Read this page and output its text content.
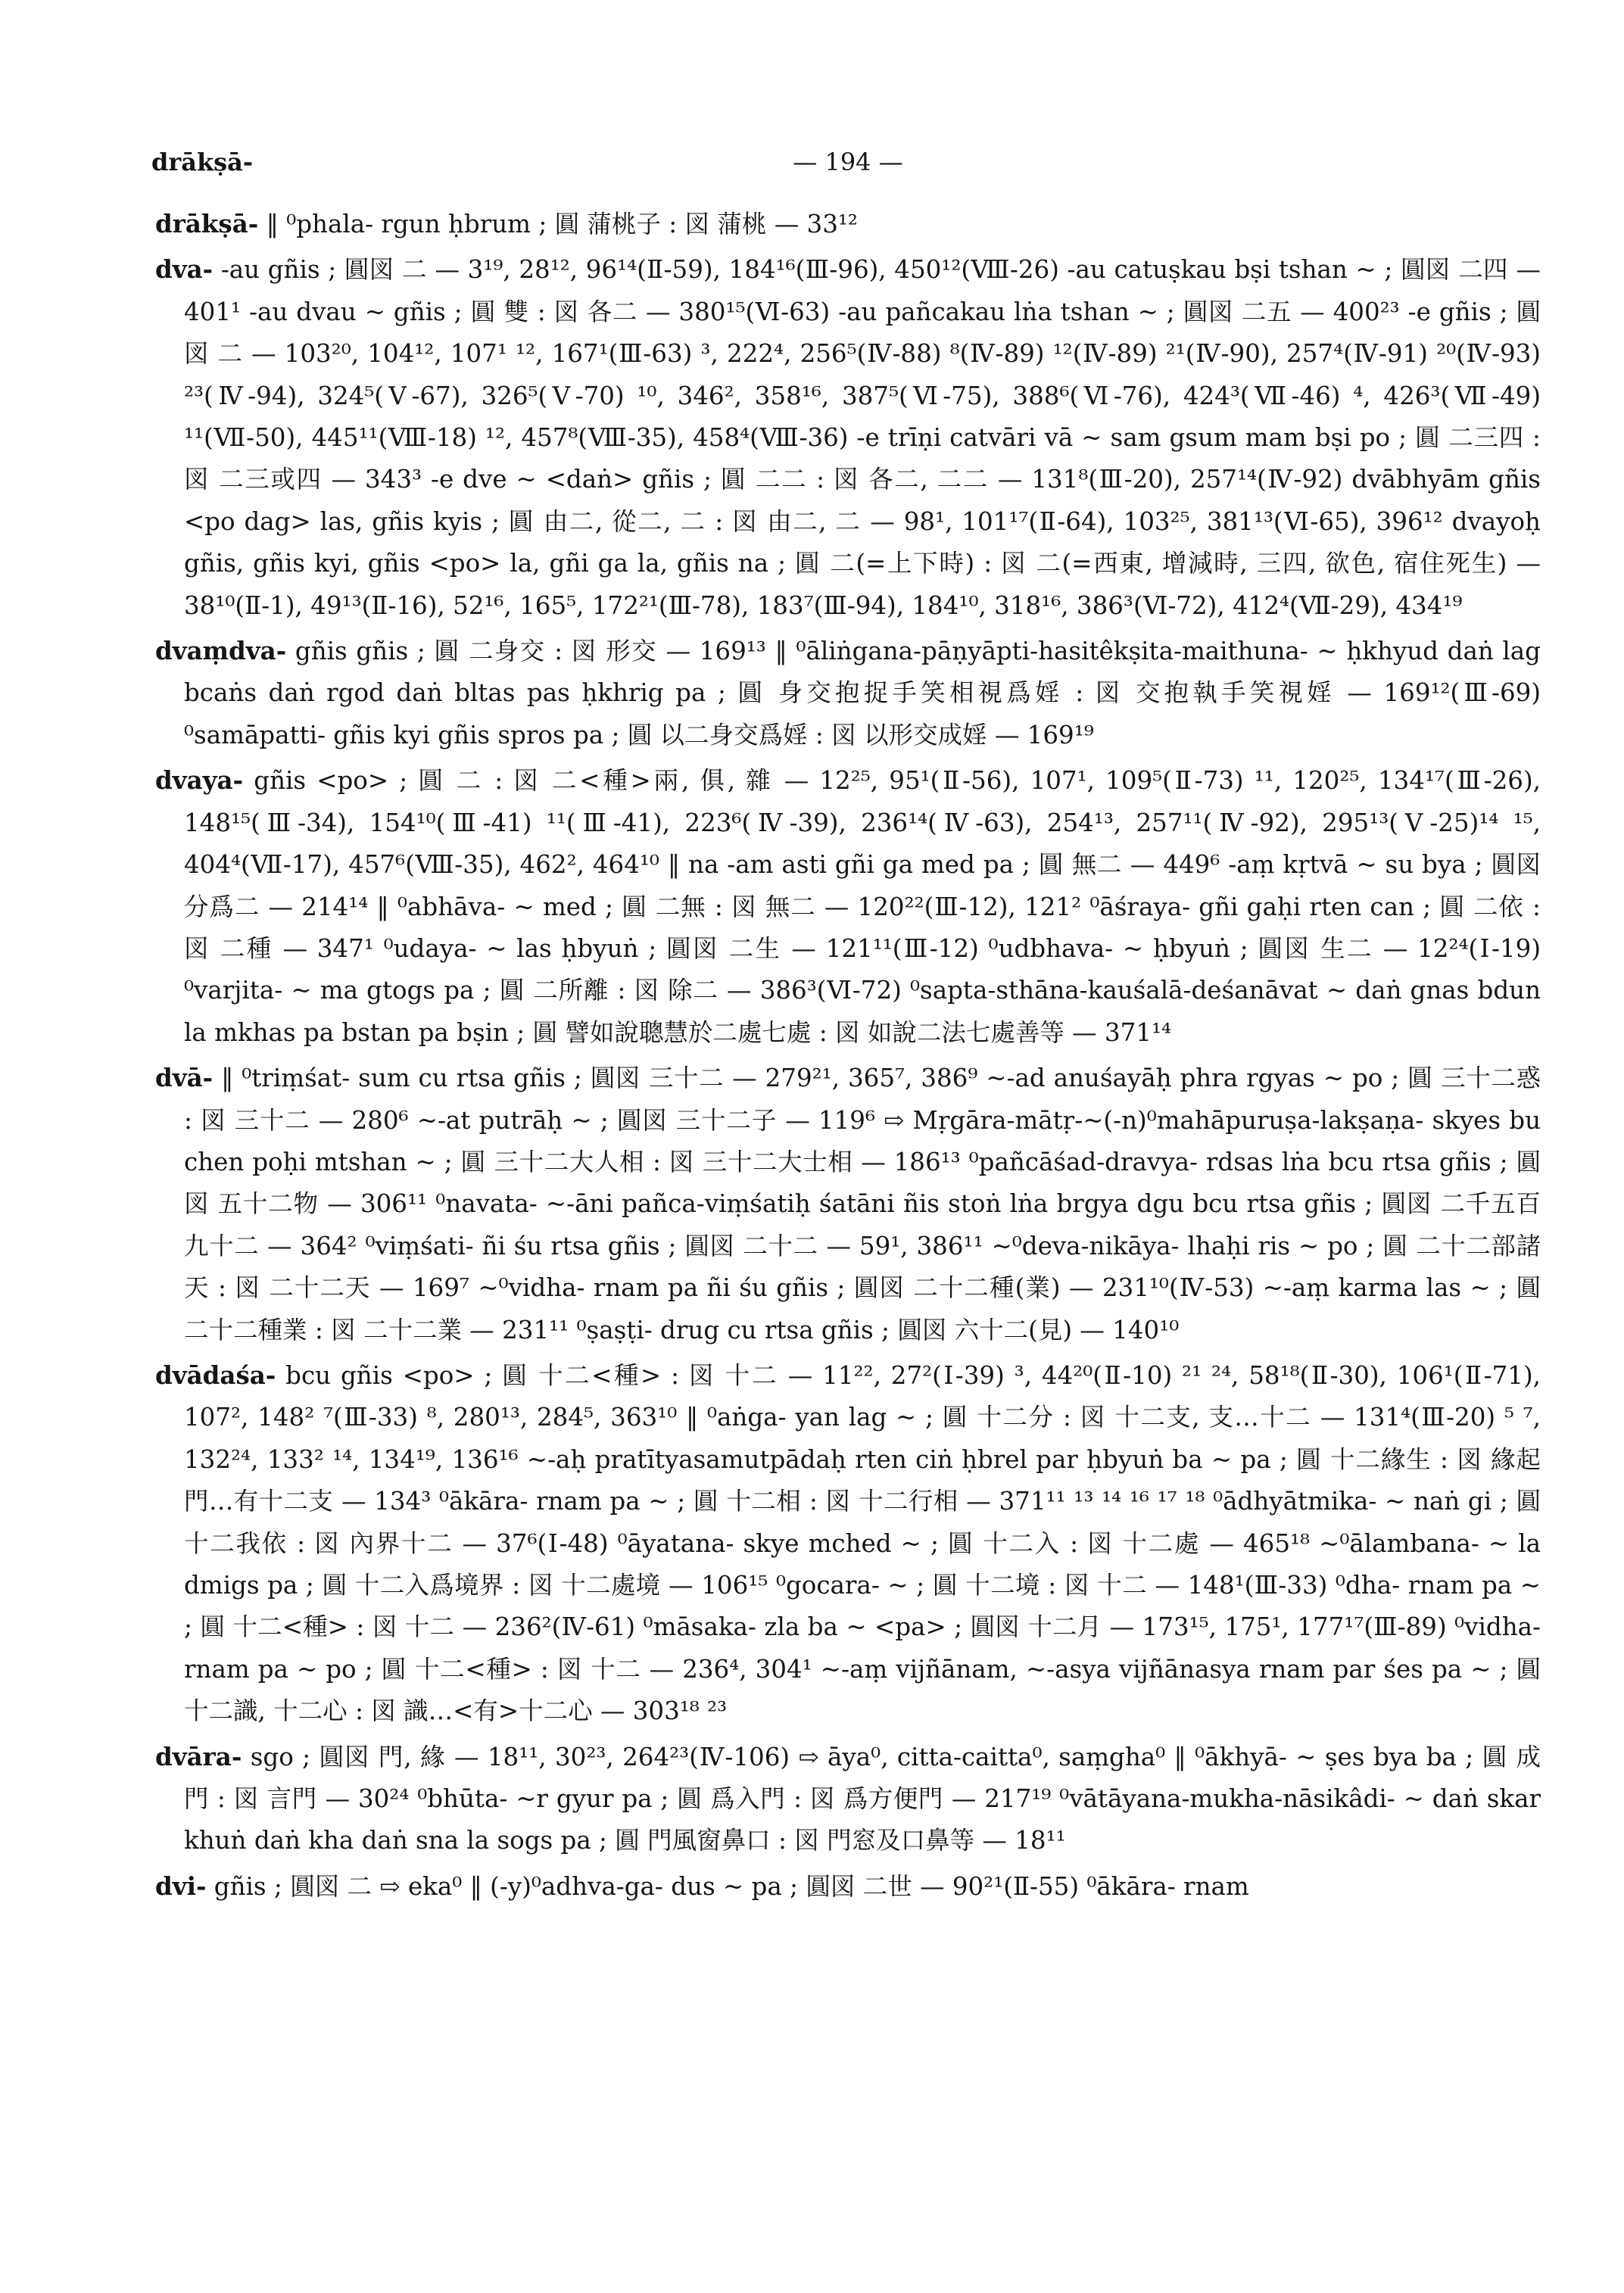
drākṣā-	— 194 —

drākṣā- ‖ ⁰phala- rgun ḥbrum ; 圓 蒲桃子 : 図 蒲桃 — 33¹²

dva- -au gñis ; 圓図 二 — 3¹⁹, 28¹², 96¹⁴(Ⅱ-59), 184¹⁶(Ⅲ-96), 450¹²(Ⅷ-26) -au catuṣkau bṣi tshan ~ ; 圓図 二四 — 401¹ -au dvau ~ gñis ; 圓 雙 : 図 各二 — 380¹⁵(Ⅵ-63) -au pañcakau lṅa tshan ~ ; 圓図 二五 — 400²³ -e gñis ; 圓図 二 — 103²⁰, 104¹², 107¹ ¹², 167¹(Ⅲ-63) ³, 222⁴, 256⁵(Ⅳ-88) ⁸(Ⅳ-89) ¹²(Ⅳ-89) ²¹(Ⅳ-90), 257⁴(Ⅳ-91) ²⁰(Ⅳ-93) ²³(Ⅳ-94), 324⁵(Ⅴ-67), 326⁵(Ⅴ-70) ¹⁰, 346², 358¹⁶, 387⁵(Ⅵ-75), 388⁶(Ⅵ-76), 424³(Ⅶ-46) ⁴, 426³(Ⅶ-49) ¹¹(Ⅶ-50), 445¹¹(Ⅷ-18) ¹², 457⁸(Ⅷ-35), 458⁴(Ⅷ-36) -e trīṇi catvāri vā ~ sam gsum mam bṣi po ; 圓 二三四 : 図 二三或四 — 343³ -e dve ~ <daṅ> gñis ; 圓 二二 : 図 各二, 二二 — 131⁸(Ⅲ-20), 257¹⁴(Ⅳ-92) dvābhyām gñis <po dag> las, gñis kyis ; 圓 由二, 從二, 二 : 図 由二, 二 — 98¹, 101¹⁷(Ⅱ-64), 103²⁵, 381¹³(Ⅵ-65), 396¹² dvayoḥ gñis, gñis kyi, gñis <po> la, gñi ga la, gñis na ; 圓 二(=上下時) : 図 二(=西東, 增減時, 三四, 欲色, 宿住死生) — 38¹⁰(Ⅱ-1), 49¹³(Ⅱ-16), 52¹⁶, 165⁵, 172²¹(Ⅲ-78), 183⁷(Ⅲ-94), 184¹⁰, 318¹⁶, 386³(Ⅵ-72), 412⁴(Ⅶ-29), 434¹⁹

dvaṃdva- gñis gñis ; 圓 二身交 : 図 形交 — 169¹³ ‖ ⁰āliṅgana-pāṇyāpti-hasitêkṣita-maithuna- ~ ḥkhyud daṅ lag bcaṅs daṅ rgod daṅ bltas pas ḥkhrig pa ; 圓 身交抱捉手笑相視爲婬 : 図 交抱執手笑視婬 — 169¹²(Ⅲ-69) ⁰samāpatti- gñis kyi gñis spros pa ; 圓 以二身交爲婬 : 図 以形交成婬 — 169¹⁹

dvaya- gñis <po> ; 圓 二 : 図 二<種>兩, 俱, 雜 — 12²⁵, 95¹(Ⅱ-56), 107¹, 109⁵(Ⅱ-73) ¹¹, 120²⁵, 134¹⁷(Ⅲ-26), 148¹⁵(Ⅲ-34), 154¹⁰(Ⅲ-41) ¹¹(Ⅲ-41), 223⁶(Ⅳ-39), 236¹⁴(Ⅳ-63), 254¹³, 257¹¹(Ⅳ-92), 295¹³(Ⅴ-25)¹⁴ ¹⁵, 404⁴(Ⅶ-17), 457⁶(Ⅷ-35), 462², 464¹⁰ ‖ na -am asti gñi ga med pa ; 圓 無二 — 449⁶ -aṃ kṛtvā ~ su bya ; 圓図 分爲二 — 214¹⁴ ‖ ⁰abhāva- ~ med ; 圓 二無 : 図 無二 — 120²²(Ⅲ-12), 121² ⁰āśraya- gñi gaḥi rten can ; 圓 二依 : 図 二種 — 347¹ ⁰udaya- ~ las ḥbyuṅ ; 圓図 二生 — 121¹¹(Ⅲ-12) ⁰udbhava- ~ ḥbyuṅ ; 圓図 生二 — 12²⁴(Ⅰ-19) ⁰varjita- ~ ma gtogs pa ; 圓 二所離 : 図 除二 — 386³(Ⅵ-72) ⁰sapta-sthāna-kauśalā-deśanāvat ~ daṅ gnas bdun la mkhas pa bstan pa bṣin ; 圓 譬如說聰慧於二處七處 : 図 如說二法七處善等 — 371¹⁴

dvā- ‖ ⁰triṃśat- sum cu rtsa gñis ; 圓図 三十二 — 279²¹, 365⁷, 386⁹ ~-ad anuśayāḥ phra rgyas ~ po ; 圓 三十二惑 : 図 三十二 — 280⁶ ~-at putrāḥ ~ ; 圓図 三十二子 — 119⁶ ⇨ Mṛgāra-mātṛ-~(-n)⁰mahāpuruṣa-lakṣaṇa- skyes bu chen poḥi mtshan ~ ; 圓 三十二大人相 : 図 三十二大士相 — 186¹³ ⁰pañcāśad-dravya- rdsas lṅa bcu rtsa gñis ; 圓図 五十二物 — 306¹¹ ⁰navata- ~-āni pañca-viṃśatiḥ śatāni ñis stoṅ lṅa brgya dgu bcu rtsa gñis ; 圓図 二千五百九十二 — 364² ⁰viṃśati- ñi śu rtsa gñis ; 圓図 二十二 — 59¹, 386¹¹ ~⁰deva-nikāya- lhaḥi ris ~ po ; 圓 二十二部諸天 : 図 二十二天 — 169⁷ ~⁰vidha- rnam pa ñi śu gñis ; 圓図 二十二種(業) — 231¹⁰(Ⅳ-53) ~-aṃ karma las ~ ; 圓 二十二種業 : 図 二十二業 — 231¹¹ ⁰ṣaṣṭi- drug cu rtsa gñis ; 圓図 六十二(見) — 140¹⁰

dvādaśa- bcu gñis <po> ; 圓 十二<種> : 図 十二 — 11²², 27²(Ⅰ-39) ³, 44²⁰(Ⅱ-10) ²¹ ²⁴, 58¹⁸(Ⅱ-30), 106¹(Ⅱ-71), 107², 148² ⁷(Ⅲ-33) ⁸, 280¹³, 284⁵, 363¹⁰ ‖ ⁰aṅga- yan lag ~ ; 圓 十二分 : 図 十二支, 支…十二 — 131⁴(Ⅲ-20) ⁵ ⁷, 132²⁴, 133² ¹⁴, 134¹⁹, 136¹⁶ ~-aḥ pratītyasamutpādaḥ rten ciṅ ḥbrel par ḥbyuṅ ba ~ pa ; 圓 十二緣生 : 図 緣起門…有十二支 — 134³ ⁰ākāra- rnam pa ~ ; 圓 十二相 : 図 十二行相 — 371¹¹ ¹³ ¹⁴ ¹⁶ ¹⁷ ¹⁸ ⁰ādhyātmika- ~ naṅ gi ; 圓 十二我依 : 図 內界十二 — 37⁶(Ⅰ-48) ⁰āyatana- skye mched ~ ; 圓 十二入 : 図 十二處 — 465¹⁸ ~⁰ālambana- ~ la dmigs pa ; 圓 十二入爲境界 : 図 十二處境 — 106¹⁵ ⁰gocara- ~ ; 圓 十二境 : 図 十二 — 148¹(Ⅲ-33) ⁰dha- rnam pa ~ ; 圓 十二<種> : 図 十二 — 236²(Ⅳ-61) ⁰māsaka- zla ba ~ <pa> ; 圓図 十二月 — 173¹⁵, 175¹, 177¹⁷(Ⅲ-89) ⁰vidha- rnam pa ~ po ; 圓 十二<種> : 図 十二 — 236⁴, 304¹ ~-aṃ vijñānam, ~-asya vijñānasya rnam par śes pa ~ ; 圓 十二識, 十二心 : 図 識…<有>十二心 — 303¹⁸ ²³

dvāra- sgo ; 圓図 門, 緣 — 18¹¹, 30²³, 264²³(Ⅳ-106) ⇨ āya⁰, citta-caitta⁰, saṃgha⁰ ‖ ⁰ākhyā- ~ ṣes bya ba ; 圓 成門 : 図 言門 — 30²⁴ ⁰bhūta- ~r gyur pa ; 圓 爲入門 : 図 爲方便門 — 217¹⁹ ⁰vātāyana-mukha-nāsikâdi- ~ daṅ skar khuṅ daṅ kha daṅ sna la sogs pa ; 圓 門風窗鼻口 : 図 門窓及口鼻等 — 18¹¹

dvi- gñis ; 圓図 二 ⇨ eka⁰ ‖ (-y)⁰adhva-ga- dus ~ pa ; 圓図 二世 — 90²¹(Ⅱ-55) ⁰ākāra- rnam
